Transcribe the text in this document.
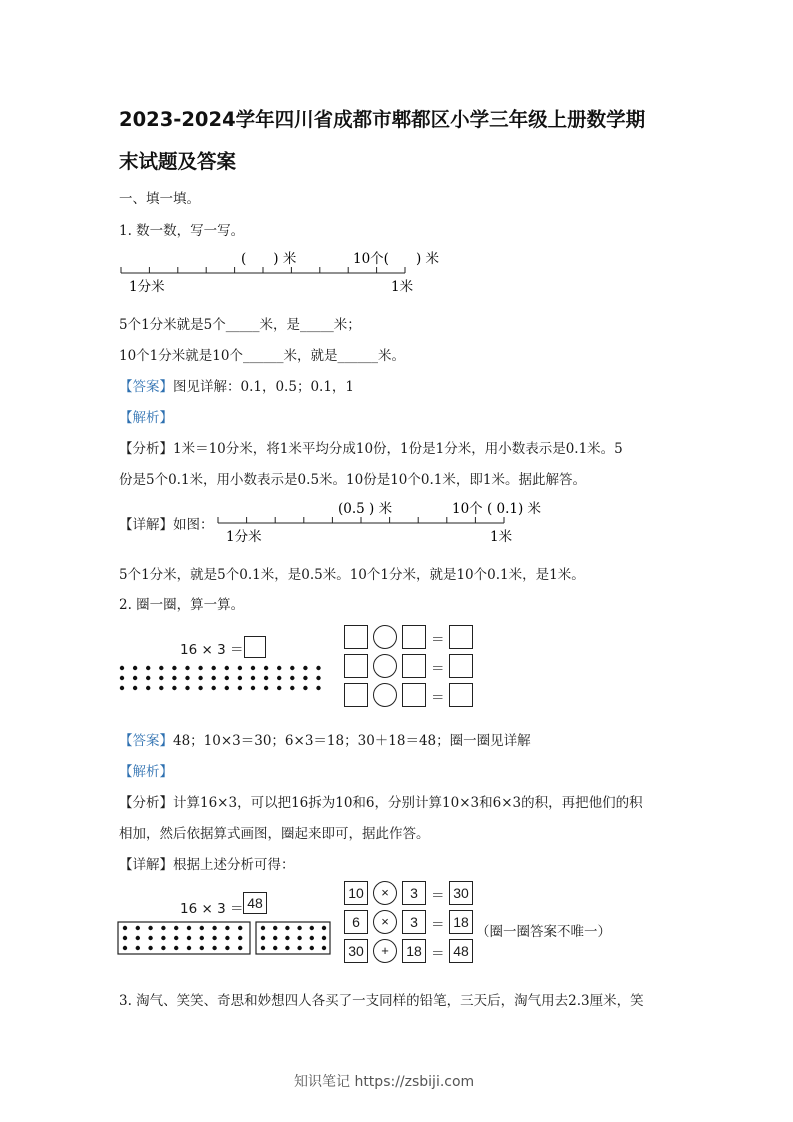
2023-2024学年四川省成都市郫都区小学三年级上册数学期
末试题及答案
一、填一填。
1. 数一数，写一写。
(　　) 米	10个(　　) 米
1分米	1米
5个1分米就是5个_____米，是_____米；
10个1分米就是10个______米，就是______米。
【答案】图见详解：0.1，0.5；0.1，1
【解析】
【分析】1米＝10分米，将1米平均分成10份，1份是1分米，用小数表示是0.1米。5
份是5个0.1米，用小数表示是0.5米。10份是10个0.1米，即1米。据此解答。
【详解】如图：
(0.5 ) 米	10个 ( 0.1) 米
1分米	1米
5个1分米，就是5个0.1米，是0.5米。10个1分米，就是10个0.1米，是1米。
2. 圈一圈，算一算。
16 × 3 ＝
＝
＝
＝
【答案】48；10×3＝30；6×3＝18；30＋18＝48；圈一圈见详解
【解析】
【分析】计算16×3，可以把16拆为10和6，分别计算10×3和6×3的积，再把他们的积
相加，然后依据算式画图，圈起来即可，据此作答。
【详解】根据上述分析可得：
16 × 3 ＝ 48
10	×	3 ＝ 30
6	×	3 ＝ 18
30	+	18 ＝ 48
（圈一圈答案不唯一）
3. 淘气、笑笑、奇思和妙想四人各买了一支同样的铅笔，三天后，淘气用去2.3厘米，笑
知识笔记 https://zsbiji.com
